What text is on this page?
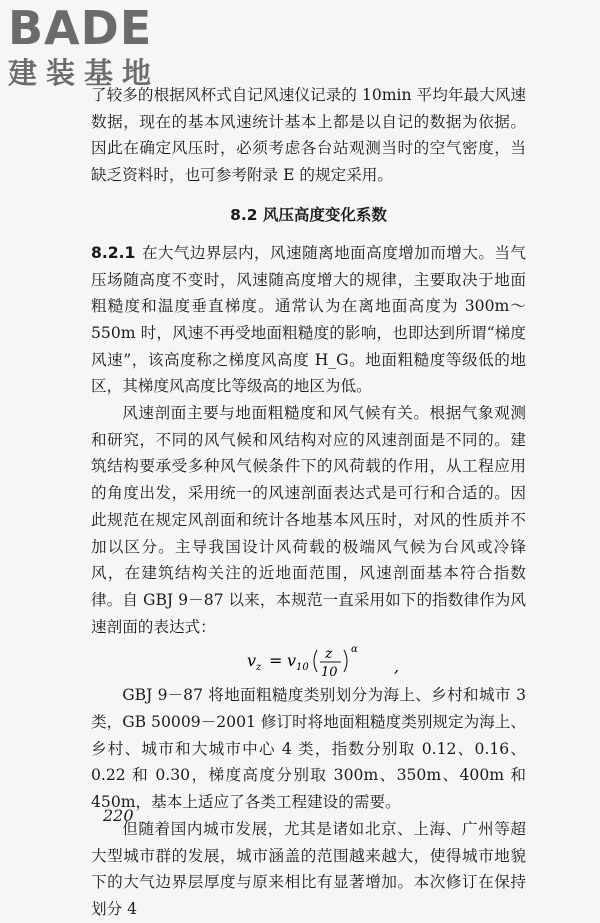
BADE
建装基地

了较多的根据风杯式自记风速仪记录的 10min 平均年最大风速数据，现在的基本风速统计基本上都是以自记的数据为依据。因此在确定风压时，必须考虑各台站观测当时的空气密度，当缺乏资料时，也可参考附录 E 的规定采用。

8.2 风压高度变化系数

8.2.1 在大气边界层内，风速随离地面高度增加而增大。当气压场随高度不变时，风速随高度增大的规律，主要取决于地面粗糙度和温度垂直梯度。通常认为在离地面高度为 300m～550m 时，风速不再受地面粗糙度的影响，也即达到所谓“梯度风速”，该高度称之梯度风高度 H_G。地面粗糙度等级低的地区，其梯度风高度比等级高的地区为低。

风速剖面主要与地面粗糙度和风气候有关。根据气象观测和研究，不同的风气候和风结构对应的风速剖面是不同的。建筑结构要承受多种风气候条件下的风荷载的作用，从工程应用的角度出发，采用统一的风速剖面表达式是可行和合适的。因此规范在规定风剖面和统计各地基本风压时，对风的性质并不加以区分。主导我国设计风荷载的极端风气候为台风或冷锋风，在建筑结构关注的近地面范围，风速剖面基本符合指数律。自 GBJ 9－87 以来，本规范一直采用如下的指数律作为风速剖面的表达式：

v z = v 10
z
10
α
,

GBJ 9－87 将地面粗糙度类别划分为海上、乡村和城市 3 类，GB 50009－2001 修订时将地面粗糙度类别规定为海上、乡村、城市和大城市中心 4 类，指数分别取 0.12、0.16、0.22 和 0.30，梯度高度分别取 300m、350m、400m 和 450m，基本上适应了各类工程建设的需要。

但随着国内城市发展，尤其是诸如北京、上海、广州等超大型城市群的发展，城市涵盖的范围越来越大，使得城市地貌下的大气边界层厚度与原来相比有显著增加。本次修订在保持划分 4

220
